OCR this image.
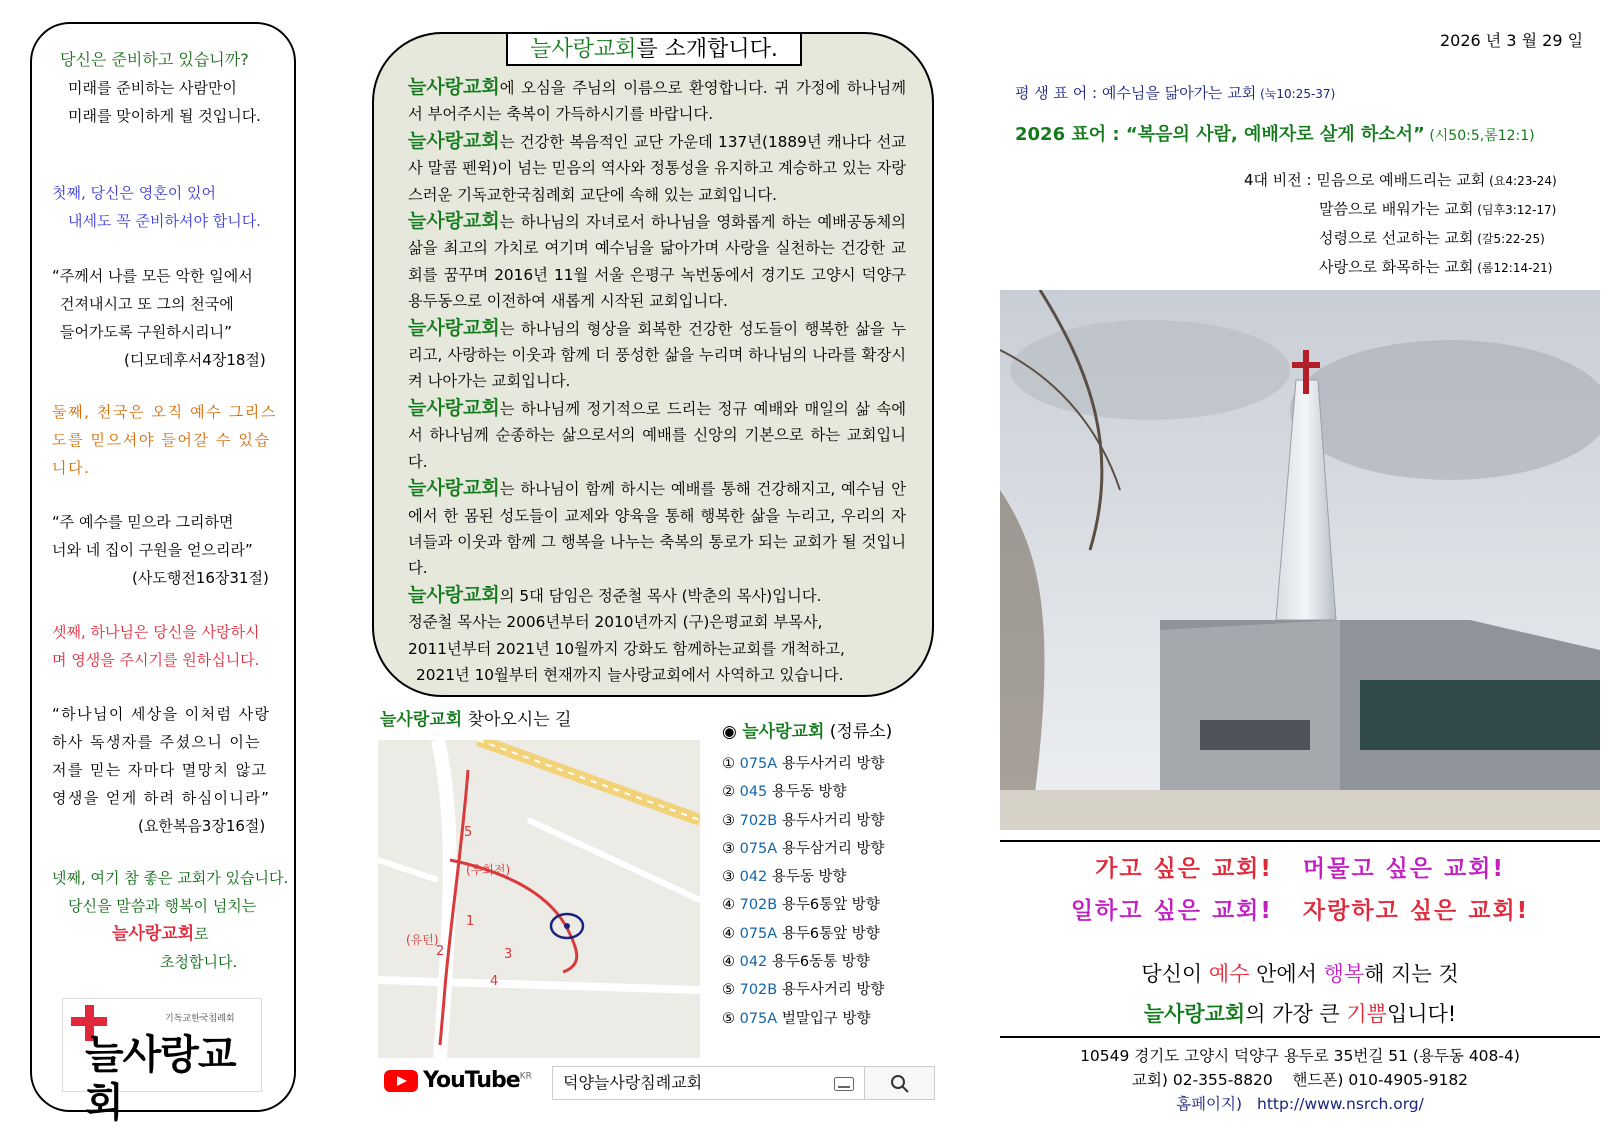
당신은 준비하고 있습니까?

미래를 준비하는 사람만이

미래를 맞이하게 될 것입니다.

첫째, 당신은 영혼이 있어

내세도 꼭 준비하셔야 합니다.

“주께서 나를 모든 악한 일에서

건져내시고 또 그의 천국에

들어가도록 구원하시리니”

(디모데후서4장18절)

둘째, 천국은 오직 예수 그리스

도를 믿으셔야 들어갈 수 있습

니다.

“주 예수를 믿으라 그리하면

너와 네 집이 구원을 얻으리라”

(사도행전16장31절)

셋째, 하나님은 당신을 사랑하시

며 영생을 주시기를 원하십니다.

“하나님이 세상을 이처럼 사랑

하사 독생자를 주셨으니 이는

저를 믿는 자마다 멸망치 않고

영생을 얻게 하려 하심이니라”

(요한복음3장16절)

넷째, 여기 참 좋은 교회가 있습니다.

당신을 말씀과 행복이 넘치는

늘사랑교회로

초청합니다.

기독교한국침례회
늘사랑교회
늘사랑교회를 소개합니다.

늘사랑교회에 오심을 주님의 이름으로 환영합니다. 귀 가정에 하나님께서 부어주시는 축복이 가득하시기를 바랍니다.

늘사랑교회는 건강한 복음적인 교단 가운데 137년(1889년 캐나다 선교사 말콤 펜윅)이 넘는 믿음의 역사와 정통성을 유지하고 계승하고 있는 자랑스러운 기독교한국침례회 교단에 속해 있는 교회입니다.

늘사랑교회는 하나님의 자녀로서 하나님을 영화롭게 하는 예배공동체의 삶을 최고의 가치로 여기며 예수님을 닮아가며 사랑을 실천하는 건강한 교회를 꿈꾸며 2016년 11월 서울 은평구 녹번동에서 경기도 고양시 덕양구 용두동으로 이전하여 새롭게 시작된 교회입니다.

늘사랑교회는 하나님의 형상을 회복한 건강한 성도들이 행복한 삶을 누리고, 사랑하는 이웃과 함께 더 풍성한 삶을 누리며 하나님의 나라를 확장시켜 나아가는 교회입니다.

늘사랑교회는 하나님께 정기적으로 드리는 정규 예배와 매일의 삶 속에서 하나님께 순종하는 삶으로서의 예배를 신앙의 기본으로 하는 교회입니다.

늘사랑교회는 하나님이 함께 하시는 예배를 통해 건강해지고, 예수님 안에서 한 몸된 성도들이 교제와 양육을 통해 행복한 삶을 누리고, 우리의 자녀들과 이웃과 함께 그 행복을 나누는 축복의 통로가 되는 교회가 될 것입니다.

늘사랑교회의 5대 담임은 정준철 목사 (박춘의 목사)입니다.

정준철 목사는 2006년부터 2010년까지 (구)은평교회 부목사,

2011년부터 2021년 10월까지 강화도 함께하는교회를 개척하고,

2021년 10월부터 현재까지 늘사랑교회에서 사역하고 있습니다.

늘사랑교회 찾아오시는 길
5
(우회전)
1
(유턴)
2	3
4
◉ 늘사랑교회 (정류소)
① 075A 용두사거리 방향
② 045 용두동 방향
③ 702B 용두사거리 방향
③ 075A 용두삼거리 방향
③ 042 용두동 방향
④ 702B 용두6통앞 방향
④ 075A 용두6통앞 방향
④ 042 용두6동통 방향
⑤ 702B 용두사거리 방향
⑤ 075A 벌말입구 방향
YouTube$^{KR}$	덕양늘사랑침례교회
2026 년 3 월 29 일
평 생 표 어 : 예수님을 닮아가는 교회 (눅10:25-37)
2026 표어 : “복음의 사람, 예배자로 살게 하소서” (시50:5,롬12:1)
4대 비전 : 믿음으로 예배드리는 교회 (요4:23-24)
말씀으로 배워가는 교회 (딤후3:12-17)
성령으로 선교하는 교회 (갈5:22-25)
사랑으로 화목하는 교회 (롬12:14-21)
가고 싶은 교회! 머물고 싶은 교회!
일하고 싶은 교회! 자랑하고 싶은 교회!
당신이 예수 안에서 행복해 지는 것
늘사랑교회의 가장 큰 기쁨입니다!
10549 경기도 고양시 덕양구 용두로 35번길 51 (용두동 408-4)
교회) 02-355-8820    핸드폰) 010-4905-9182
홈페이지) http://www.nsrch.org/
